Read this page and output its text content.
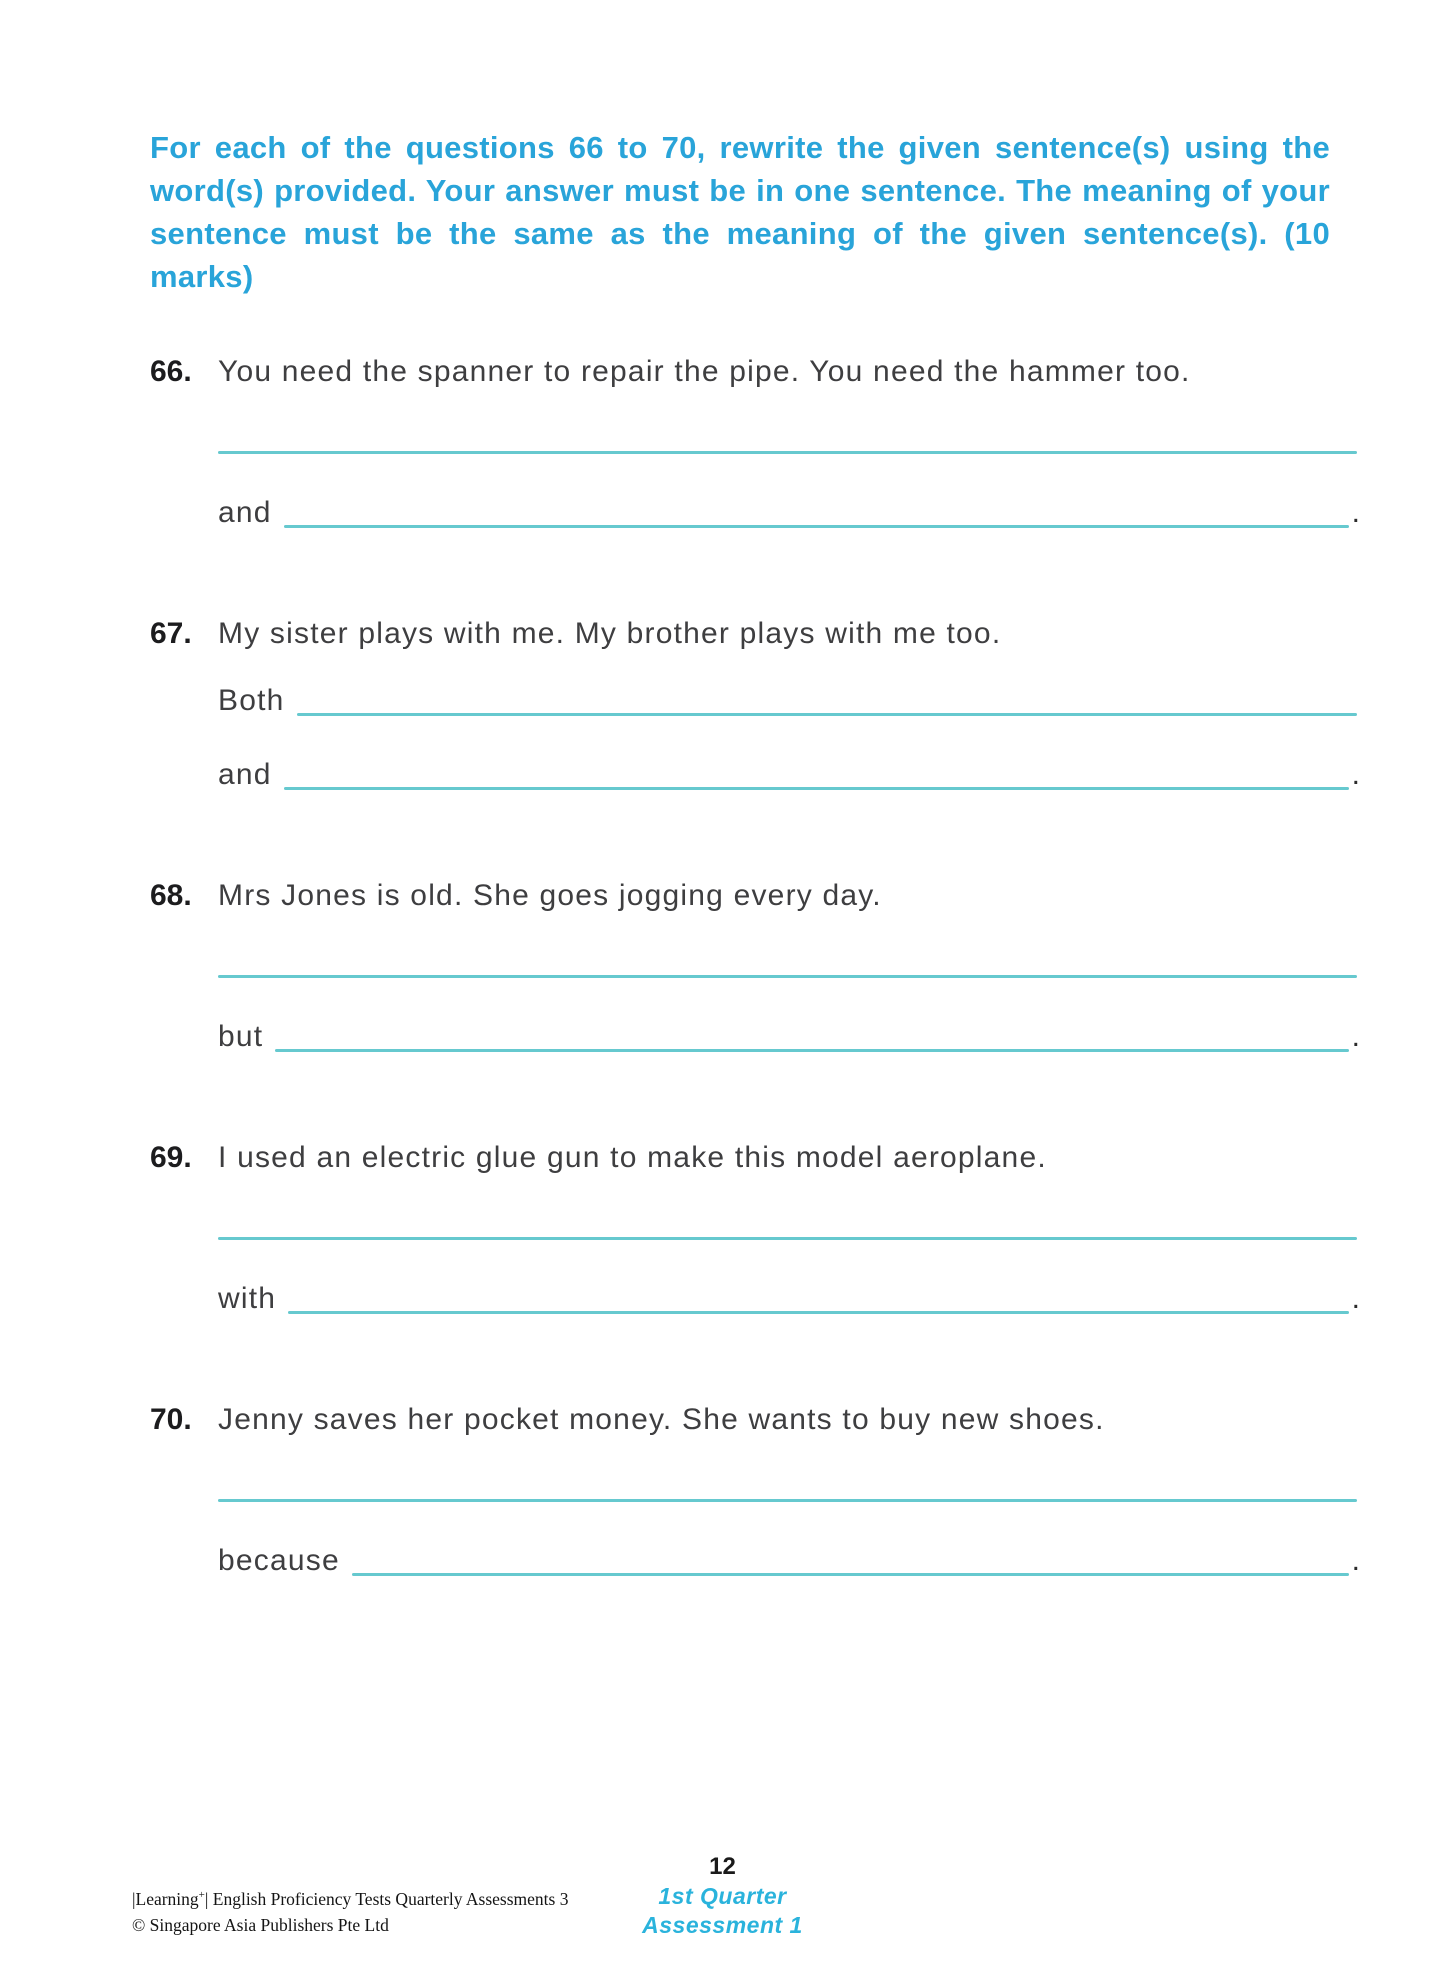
For each of the questions 66 to 70, rewrite the given sentence(s) using the word(s) provided. Your answer must be in one sentence. The meaning of your sentence must be the same as the meaning of the given sentence(s). (10 marks)

66. You need the spanner to repair the pipe. You need the hammer too.
and	.
67. My sister plays with me. My brother plays with me too.
Both
and	.
68. Mrs Jones is old. She goes jogging every day.
but	.
69. I used an electric glue gun to make this model aeroplane.
with	.
70. Jenny saves her pocket money. She wants to buy new shoes.
because	.
|Learning+| English Proficiency Tests Quarterly Assessments 3
© Singapore Asia Publishers Pte Ltd
12
1st Quarter
Assessment 1
